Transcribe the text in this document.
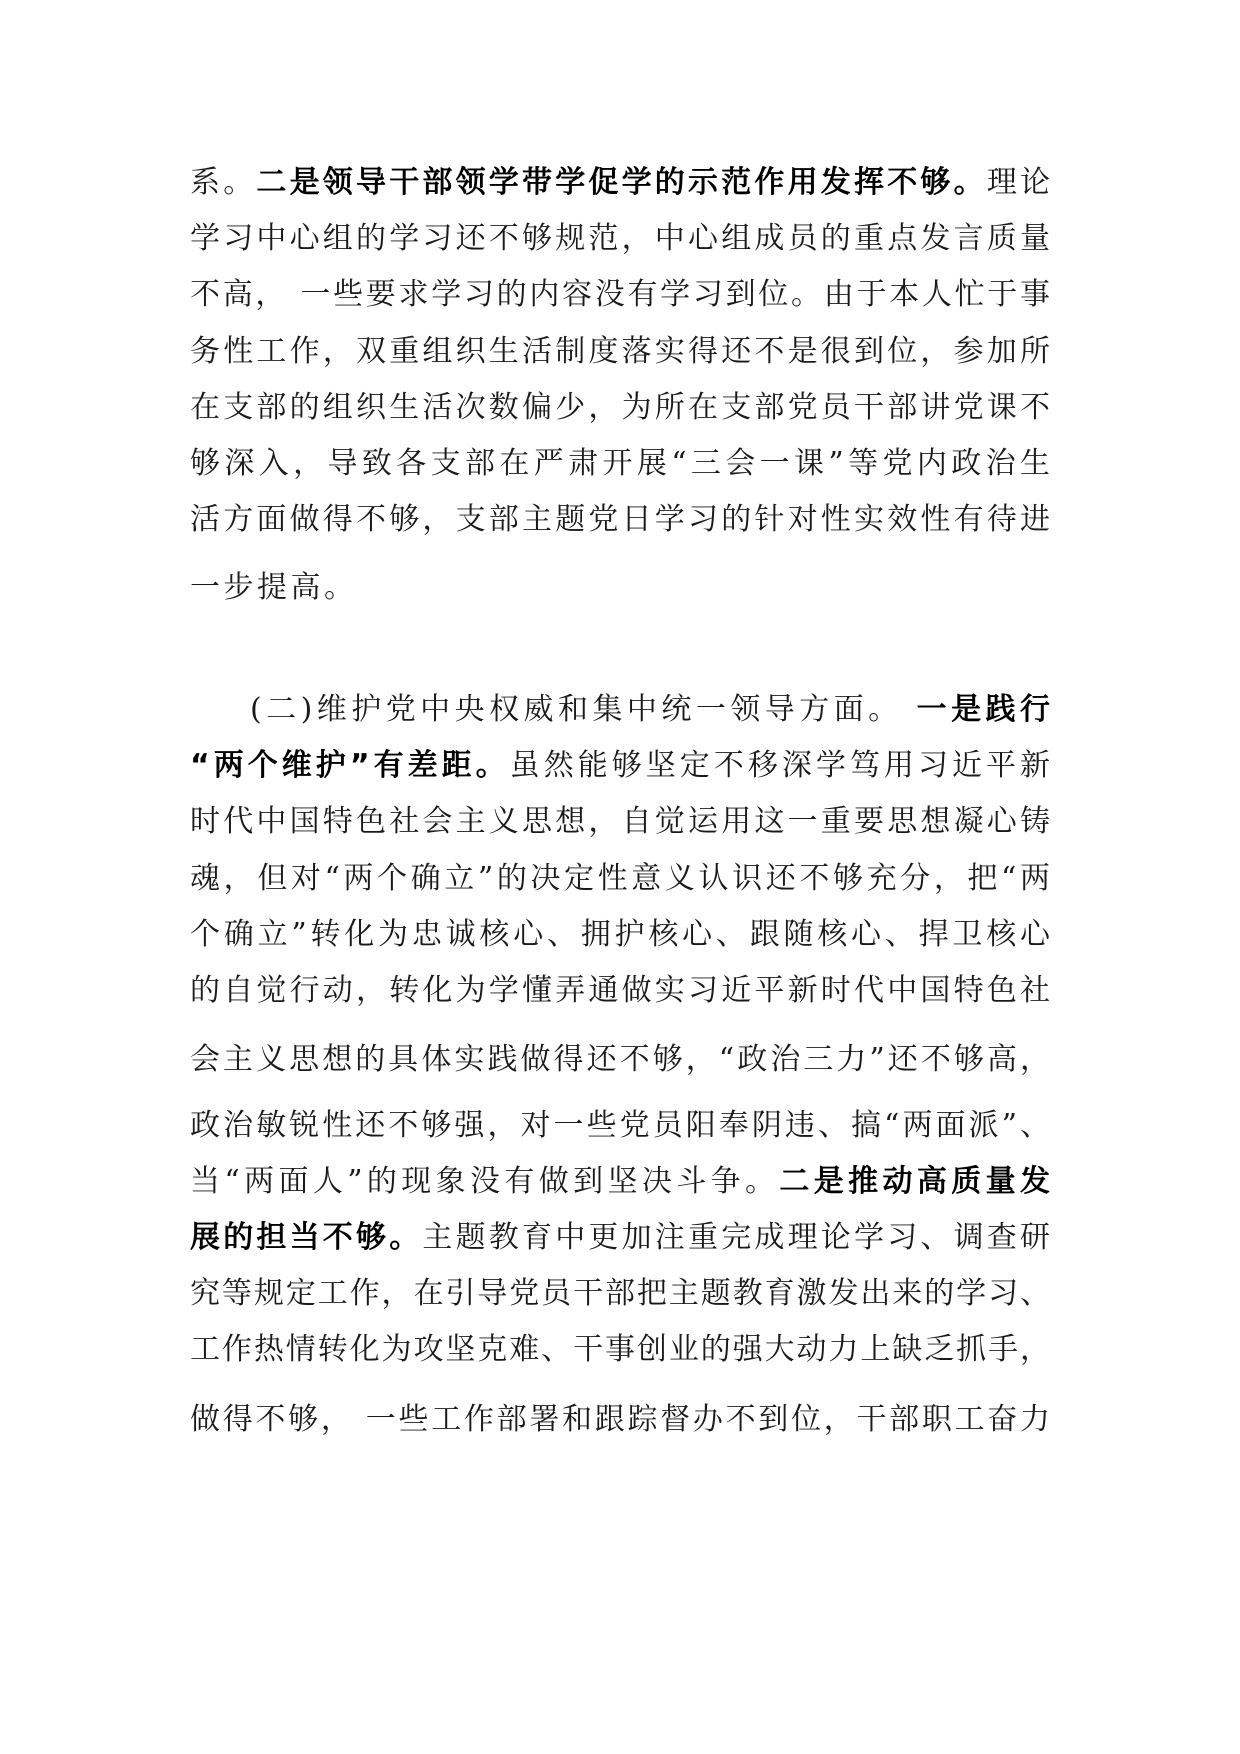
系。二是领导干部领学带学促学的示范作用发挥不够。理论
学习中心组的学习还不够规范，中心组成员的重点发言质量
不高， 一些要求学习的内容没有学习到位。由于本人忙于事
务性工作，双重组织生活制度落实得还不是很到位，参加所
在支部的组织生活次数偏少，为所在支部党员干部讲党课不
够深入，导致各支部在严肃开展“三会一课”等党内政治生
活方面做得不够，支部主题党日学习的针对性实效性有待进
一步提高。
(二)维护党中央权威和集中统一领导方面。 一是践行
“两个维护”有差距。虽然能够坚定不移深学笃用习近平新
时代中国特色社会主义思想，自觉运用这一重要思想凝心铸
魂，但对“两个确立”的决定性意义认识还不够充分，把“两
个确立”转化为忠诚核心、拥护核心、跟随核心、捍卫核心
的自觉行动，转化为学懂弄通做实习近平新时代中国特色社
会主义思想的具体实践做得还不够，“政治三力”还不够高，
政治敏锐性还不够强，对一些党员阳奉阴违、搞“两面派”、
当“两面人”的现象没有做到坚决斗争。二是推动高质量发
展的担当不够。主题教育中更加注重完成理论学习、调查研
究等规定工作，在引导党员干部把主题教育激发出来的学习、
工作热情转化为攻坚克难、干事创业的强大动力上缺乏抓手，
做得不够， 一些工作部署和跟踪督办不到位，干部职工奋力
